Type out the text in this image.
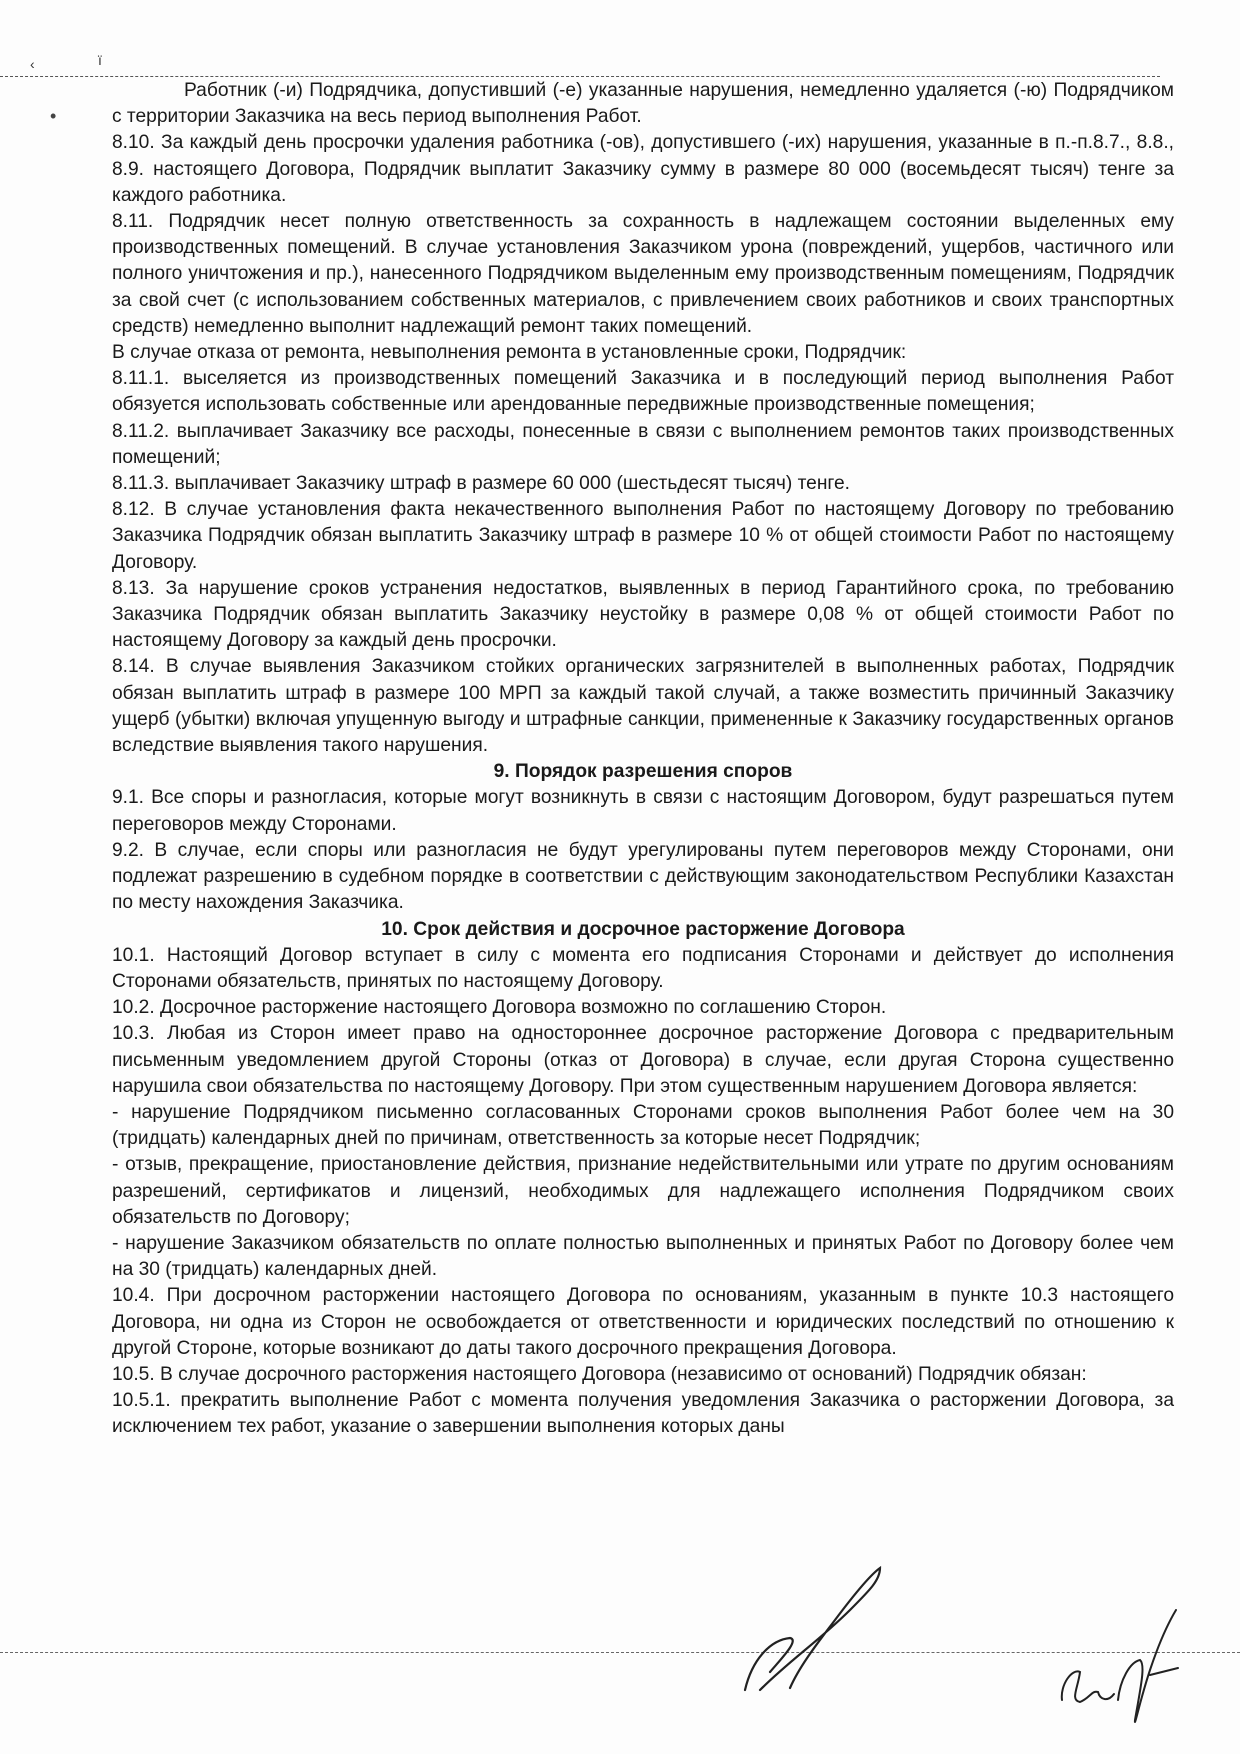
‹	ї
•

Работник (-и) Подрядчика, допустивший (-е) указанные нарушения, немедленно удаляется (-ю) Подрядчиком с территории Заказчика на весь период выполнения Работ.

8.10. За каждый день просрочки удаления работника (-ов), допустившего (-их) нарушения, указанные в п.-п.8.7., 8.8., 8.9. настоящего Договора, Подрядчик выплатит Заказчику сумму в размере 80 000 (восемьдесят тысяч) тенге за каждого работника.

8.11. Подрядчик несет полную ответственность за сохранность в надлежащем состоянии выделенных ему производственных помещений. В случае установления Заказчиком урона (повреждений, ущербов, частичного или полного уничтожения и пр.), нанесенного Подрядчиком выделенным ему производственным помещениям, Подрядчик за свой счет (с использованием собственных материалов, с привлечением своих работников и своих транспортных средств) немедленно выполнит надлежащий ремонт таких помещений.

В случае отказа от ремонта, невыполнения ремонта в установленные сроки, Подрядчик:

8.11.1. выселяется из производственных помещений Заказчика и в последующий период выполнения Работ обязуется использовать собственные или арендованные передвижные производственные помещения;

8.11.2. выплачивает Заказчику все расходы, понесенные в связи с выполнением ремонтов таких производственных помещений;

8.11.3. выплачивает Заказчику штраф в размере 60 000 (шестьдесят тысяч) тенге.

8.12. В случае установления факта некачественного выполнения Работ по настоящему Договору по требованию Заказчика Подрядчик обязан выплатить Заказчику штраф в размере 10 % от общей стоимости Работ по настоящему Договору.

8.13. За нарушение сроков устранения недостатков, выявленных в период Гарантийного срока, по требованию Заказчика Подрядчик обязан выплатить Заказчику неустойку в размере 0,08 % от общей стоимости Работ по настоящему Договору за каждый день просрочки.

8.14. В случае выявления Заказчиком стойких органических загрязнителей в выполненных работах, Подрядчик обязан выплатить штраф в размере 100 МРП за каждый такой случай, а также возместить причинный Заказчику ущерб (убытки) включая упущенную выгоду и штрафные санкции, примененные к Заказчику государственных органов вследствие выявления такого нарушения.

9. Порядок разрешения споров

9.1. Все споры и разногласия, которые могут возникнуть в связи с настоящим Договором, будут разрешаться путем переговоров между Сторонами.

9.2. В случае, если споры или разногласия не будут урегулированы путем переговоров между Сторонами, они подлежат разрешению в судебном порядке в соответствии с действующим законодательством Республики Казахстан по месту нахождения Заказчика.

10. Срок действия и досрочное расторжение Договора

10.1. Настоящий Договор вступает в силу с момента его подписания Сторонами и действует до исполнения Сторонами обязательств, принятых по настоящему Договору.

10.2. Досрочное расторжение настоящего Договора возможно по соглашению Сторон.

10.3. Любая из Сторон имеет право на одностороннее досрочное расторжение Договора с предварительным письменным уведомлением другой Стороны (отказ от Договора) в случае, если другая Сторона существенно нарушила свои обязательства по настоящему Договору. При этом существенным нарушением Договора является:

- нарушение Подрядчиком письменно согласованных Сторонами сроков выполнения Работ более чем на 30 (тридцать) календарных дней по причинам, ответственность за которые несет Подрядчик;

- отзыв, прекращение, приостановление действия, признание недействительными или утрате по другим основаниям разрешений, сертификатов и лицензий, необходимых для надлежащего исполнения Подрядчиком своих обязательств по Договору;

- нарушение Заказчиком обязательств по оплате полностью выполненных и принятых Работ по Договору более чем на 30 (тридцать) календарных дней.

10.4. При досрочном расторжении настоящего Договора по основаниям, указанным в пункте 10.3 настоящего Договора, ни одна из Сторон не освобождается от ответственности и юридических последствий по отношению к другой Стороне, которые возникают до даты такого досрочного прекращения Договора.

10.5. В случае досрочного расторжения настоящего Договора (независимо от оснований) Подрядчик обязан:

10.5.1. прекратить выполнение Работ с момента получения уведомления Заказчика о расторжении Договора, за исключением тех работ, указание о завершении выполнения которых даны
